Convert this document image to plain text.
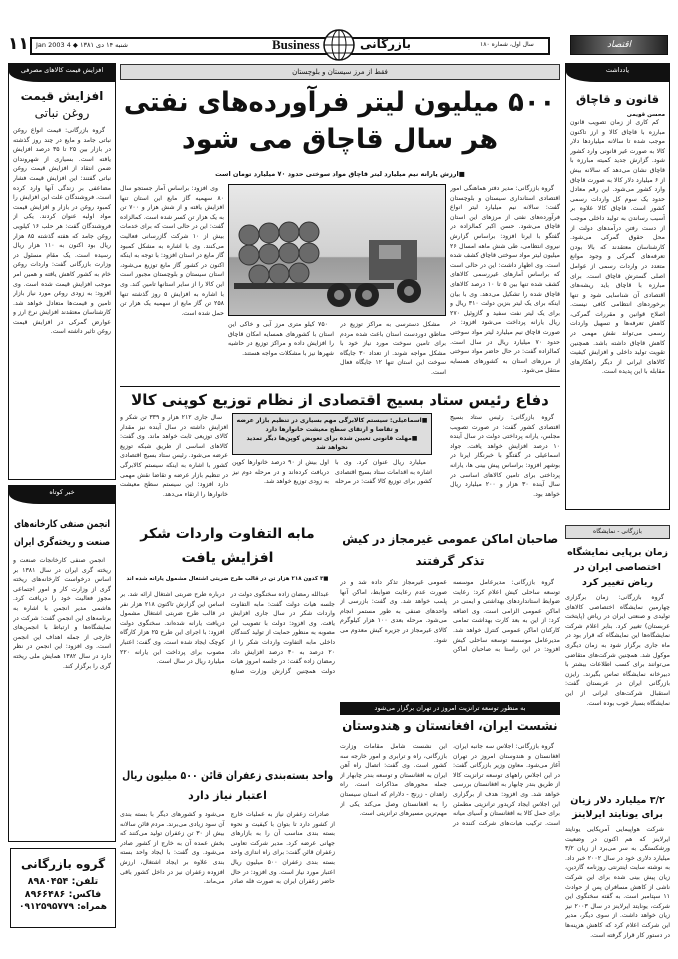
۱۱ شنبه ۱۴ دی ۱۳۸۱ ◆ 4 Jan 2003	Business	بازرگانی	سال اول، شماره ۱۸۰	اقتصاد
افزایش قیمت کالاهای مصرفی
افزایش قیمت
روغن نباتی

گروه بازرگانی: قیمت انواع روغن نباتی جامد و مایع در چند روز گذشته در بازار بین ۲۵ تا ۳۵ درصد افزایش یافته است. بسیاری از شهروندان ضمن انتقاد از افزایش قیمت روغن نباتی گفتند: این افزایش قیمت فشار مضاعفی بر زندگی آنها وارد کرده است. فروشندگان علت این افزایش را کمبود روغن در بازار و افزایش قیمت مواد اولیه عنوان کردند. یکی از فروشندگان گفت: هر حلب ۱۶ کیلویی روغن جامد که هفته گذشته ۸۵ هزار ریال بود اکنون به ۱۱۰ هزار ریال رسیده است. یک مقام مسئول در وزارت بازرگانی گفت: واردات روغن خام به کشور کاهش یافته و همین امر موجب افزایش قیمت شده است. وی افزود: به زودی روغن مورد نیاز بازار تامین و قیمت‌ها متعادل خواهد شد. کارشناسان معتقدند افزایش نرخ ارز و عوارض گمرکی در افزایش قیمت روغن تاثیر داشته است.

خبر کوتاه
انجمن صنفی کارخانه‌های
صنعت و ریخته‌گری ایران

انجمن صنفی کارخانجات صنعت و ریخته گری ایران در سال ۱۳۸۱ بر اساس درخواست کارخانه‌های ریخته گری از وزارت کار و امور اجتماعی مجوز فعالیت خود را دریافت کرد. هاشمی مدیر انجمن با اشاره به برنامه‌های این انجمن گفت: شرکت در نمایشگاه‌ها و ارتباط با انجمن‌های خارجی از جمله اهداف این انجمن است. وی افزود: این انجمن در نظر دارد در سال ۱۳۸۲ همایش ملی ریخته گری را برگزار کند.

گروه بازرگانی
تلفن: ۸۹۸۰۴۵۴
فاکس: ۸۹۶۶۴۸۶
همراه: ۰۹۱۲۵۹۵۷۷۹
یادداشت
قانون و قاچاق
محسن قویمی

کم کاری از زمان تصویب قانون مبارزه با قاچاق کالا و ارز تاکنون موجب شده تا سالانه میلیاردها دلار کالا به صورت غیر قانونی وارد کشور شود. گزارش جدید کمیته مبارزه با قاچاق نشان می‌دهد که سالانه بیش از ۶ میلیارد دلار کالا به صورت قاچاق وارد کشور می‌شود. این رقم معادل حدود یک سوم کل واردات رسمی کشور است. قاچاق کالا علاوه بر آسیب رساندن به تولید داخلی موجب از دست رفتن درآمدهای دولت از محل حقوق گمرکی می‌شود. کارشناسان معتقدند که بالا بودن تعرفه‌های گمرکی و وجود موانع متعدد در واردات رسمی از عوامل اصلی گسترش قاچاق است. برای مبارزه با قاچاق باید ریشه‌های اقتصادی آن شناسایی شود و تنها برخوردهای انتظامی کافی نیست. اصلاح قوانین و مقررات گمرکی، کاهش تعرفه‌ها و تسهیل واردات رسمی می‌تواند نقش مهمی در کاهش قاچاق داشته باشد. همچنین تقویت تولید داخلی و افزایش کیفیت کالاهای ایرانی از دیگر راهکارهای مقابله با این پدیده است.

بازرگانی - نمایشگاه
زمان برپایی نمایشگاه اختصاصی ایران در ریاض تغییر کرد

گروه بازرگانی: زمان برگزاری چهارمین نمایشگاه اختصاصی کالاهای تولیدی و صنعتی ایران در ریاض (پایتخت عربستان) تغییر کرد. بنابر اعلام شرکت نمایشگاه‌ها این نمایشگاه که قرار بود در ماه جاری برگزار شود به زمان دیگری موکول شد. همچنین شرکت‌های متقاضی می‌توانند برای کسب اطلاعات بیشتر با دبیرخانه نمایشگاه تماس بگیرند. رایزن بازرگانی ایران در عربستان گفت: استقبال شرکت‌های ایرانی از این نمایشگاه بسیار خوب بوده است.

۳/۲ میلیارد دلار زیان برای یونایتد ایرلاینز

شرکت هواپیمایی آمریکایی یونایتد ایرلاینز که هم اکنون در وضعیت ورشکستگی به سر می‌برد از زیان ۳/۲ میلیارد دلاری خود در سال ۲۰۰۲ خبر داد. به نوشته سایت اینترنتی روزنامه گاردین، زیان پیش بینی شده برای این شرکت ناشی از کاهش مسافران پس از حوادث ۱۱ سپتامبر است. به گفته سخنگوی این شرکت، یونایتد ایرلاینز در سال ۲۰۰۳ نیز زیان خواهد داشت. از سوی دیگر، مدیر این شرکت اعلام کرد که کاهش هزینه‌ها در دستور کار قرار گرفته است.

فقط از مرز سیستان و بلوچستان
۵۰۰ میلیون لیتر فرآورده‌های نفتی
هر سال قاچاق می شود
■ارزش یارانه نیم میلیارد لیتر قاچاق مواد سوختی حدود ۷۰ میلیارد تومان است

گروه بازرگانی: مدیر دفتر هماهنگی امور اقتصادی استانداری سیستان و بلوچستان گفت: سالانه نیم میلیارد لیتر انواع فرآورده‌های نفتی از مرزهای این استان قاچاق می‌شود. حسن اکبر کمالزاده در گفتگو با ایرنا افزود: براساس گزارش نیروی انتظامی، طی شش ماهه امسال ۲۶ میلیون لیتر مواد سوختی قاچاق کشف شده است. وی اظهار داشت: این در حالی است که براساس آمارهای غیررسمی کالاهای کشف شده تنها بین ۵ تا ۱۰ درصد کالاهای قاچاق شده را تشکیل می‌دهد. وی با بیان اینکه برای یک لیتر بنزین دولت ۳۱۰ ریال و برای یک لیتر نفت سفید و گازوئیل ۲۷۰ ریال یارانه پرداخت می‌شود افزود: در صورت قاچاق نیم میلیارد لیتر مواد سوختی حدود ۷۰ میلیارد ریال در سال است. کمالزاده گفت: در حال حاضر مواد سوختی از مرزهای استان به کشورهای همسایه منتقل می‌شود.

وی افزود: براساس آمار جستجو سال ۸۰ سهمیه گاز مایع این استان تنها افزایش یافته و از شش هزار و ۷۰۰ تن به یک هزار تن کسر شده است. کمالزاده گفت: این در حالی است که برای خدمات بیش از ۱۰ شرکت گازرسانی فعالیت می‌کنند. وی با اشاره به مشکل کمبود گاز مایع در استان افزود: با توجه به اینکه اکنون در کشور گاز مایع توزیع می‌شود، استان سیستان و بلوچستان مجبور است این کالا را از سایر استانها تامین کند. وی با اشاره به افزایش ۵ روز گذشته تنها ۲۵۸ تن گاز مایع از سهمیه یک هزار تن حمل شده است.

۷۵۰ کیلو متری مرز آبی و خاکی این استان با کشورهای همسایه امکان قاچاق را افزایش داده و مراکز توزیع در حاشیه شهرها نیز با مشکلات مواجه هستند.

مشکل دسترسی به مراکز توزیع در مناطق دوردست استان باعث شده مردم برای تامین سوخت مورد نیاز خود با مشکل مواجه شوند. از تعداد ۳۰ جایگاه سوخت این استان تنها ۱۲ جایگاه فعال است.

دفاع رئیس ستاد بسیج اقتصادی از نظام توزیع کوپنی کالا
■اسماعیلی: سیستم کالابرگی مهم بسیاری در تنظیم بازار عرضه و تقاضا و ارتقای سطح معیشت خانوارها دارد
■مهلت قانونی تعیین شده برای تعویض کوپن‌ها دیگر تمدید نخواهد شد

میلیارد ریال عنوان کرد. وی با اشاره به اقدامات ستاد بسیج اقتصادی کشور برای توزیع کالا گفت: در مرحله اول بیش از ۹۰ درصد خانوارها کوپن دریافت کرده‌اند و در مرحله دوم نیز به زودی توزیع خواهد شد.

گروه بازرگانی: رئیس ستاد بسیج اقتصادی کشور گفت: در صورت تصویب مجلس، یارانه پرداختی دولت در سال آینده ۱۰ درصد افزایش خواهد یافت. جواد اسماعیلی در گفتگو با خبرنگار ایرنا در بوشهر افزود: براساس پیش بینی ها، یارانه پرداختی برای تامین کالاهای اساسی در سال آینده ۳۰ هزار و ۲۰۰ میلیارد ریال خواهد بود.

سال جاری ۲۱۲ هزار و ۳۳۹ تن شکر و افزایش داشته در سال آینده نیز مقدار کالای توزیعی ثابت خواهد ماند. وی گفت: کالاهای اساسی از طریق شبکه توزیع عرضه می‌شود. رئیس ستاد بسیج اقتصادی کشور با اشاره به اینکه سیستم کالابرگی در تنظیم بازار عرضه و تقاضا نقش مهمی دارد افزود: این سیستم سطح معیشت خانوارها را ارتقاء می‌دهد.

مابه التفاوت واردات شکر
افزایش یافت
■۳ کدون ۲۱۸ هزار تن در قالب طرح ضربتی اشتغال مشمول یارانه شده اند

عبدالله رمضان زاده سخنگوی دولت در جلسه هیات دولت گفت: مابه التفاوت واردات شکر در سال جاری افزایش یافت. وی افزود: دولت با تصویب این مصوبه به منظور حمایت از تولید کنندگان داخلی مابه التفاوت واردات شکر را از ۲۰ درصد به ۳۰ درصد افزایش داد. رمضان زاده گفت: در جلسه امروز هیات دولت همچنین گزارش وزارت صنایع درباره طرح ضربتی اشتغال ارائه شد. بر اساس این گزارش تاکنون ۲۱۸ هزار نفر در قالب طرح ضربتی اشتغال مشمول دریافت یارانه شده‌اند. سخنگوی دولت افزود: با اجرای این طرح ۲۵ هزار کارگاه کوچک ایجاد شده است. وی گفت: اعتبار مصوب برای پرداخت این یارانه ۲۲۰ میلیارد ریال در سال است.

صاحبان اماکن عمومی غیرمجاز در کیش
تذکر گرفتند

گروه بازرگانی: مدیرعامل موسسه توسعه ساحلی کیش اعلام کرد: رعایت ضوابط استانداردهای بهداشتی و ایمنی در اماکن عمومی الزامی است. وی اضافه کرد: از این به بعد کارت بهداشت تمامی کارکنان اماکن عمومی کنترل خواهد شد. مدیرعامل موسسه توسعه ساحلی کیش افزود: در این راستا به صاحبان اماکن عمومی غیرمجاز تذکر داده شد و در صورت عدم رعایت ضوابط، اماکن آنها پلمب خواهد شد. وی گفت: بازرسی از واحدهای صنفی به طور مستمر انجام می‌شود. مرحله بعدی ۱۰۰ هزار کیلوگرم کالای غیرمجاز در جزیره کیش معدوم می شود.

به منظور توسعه ترانزیت امروز در تهران برگزار می‌شود
نشست ایران، افغانستان و هندوستان

گروه بازرگانی: اجلاس سه جانبه ایران، افغانستان و هندوستان امروز در تهران آغاز می‌شود. معاون وزیر بازرگانی گفت: در این اجلاس راههای توسعه ترانزیت کالا از طریق بندر چابهار به افغانستان بررسی خواهد شد. وی افزود: هدف از برگزاری این اجلاس ایجاد کریدور ترانزیتی مطمئن برای حمل کالا به افغانستان و آسیای میانه است. ترکیب هیات‌های شرکت کننده در این نشست شامل مقامات وزارت بازرگانی، راه و ترابری و امور خارجه سه کشور است. وی گفت: اتصال راه آهن ایران به افغانستان و توسعه بندر چابهار از جمله محورهای مذاکرات است. راه زاهدان - زرنج - دلارام که استان سیستان را به افغانستان وصل می‌کند یکی از مهم‌ترین مسیرهای ترانزیتی است.

واحد بسته‌بندی زعفران قائن ۵۰۰ میلیون ریال
اعتبار نیاز دارد

صادرات زعفران نیاز به عملیات خارج از کشور دارد تا بتوان با کیفیت و نحوه بسته بندی مناسب آن را به بازارهای جهانی عرضه کرد. مدیر شرکت تعاونی زعفران قائن گفت: برای راه اندازی واحد بسته بندی زعفران ۵۰۰ میلیون ریال اعتبار مورد نیاز است. وی افزود: در حال حاضر زعفران ایران به صورت فله صادر می‌شود و کشورهای دیگر با بسته بندی آن سود زیادی می‌برند. مردم قائن سالانه بیش از ۳۰ تن زعفران تولید می‌کنند که بخش عمده آن به خارج از کشور صادر می‌شود. وی گفت: با ایجاد واحد بسته بندی علاوه بر ایجاد اشتغال، ارزش افزوده زعفران نیز در داخل کشور باقی می‌ماند.
